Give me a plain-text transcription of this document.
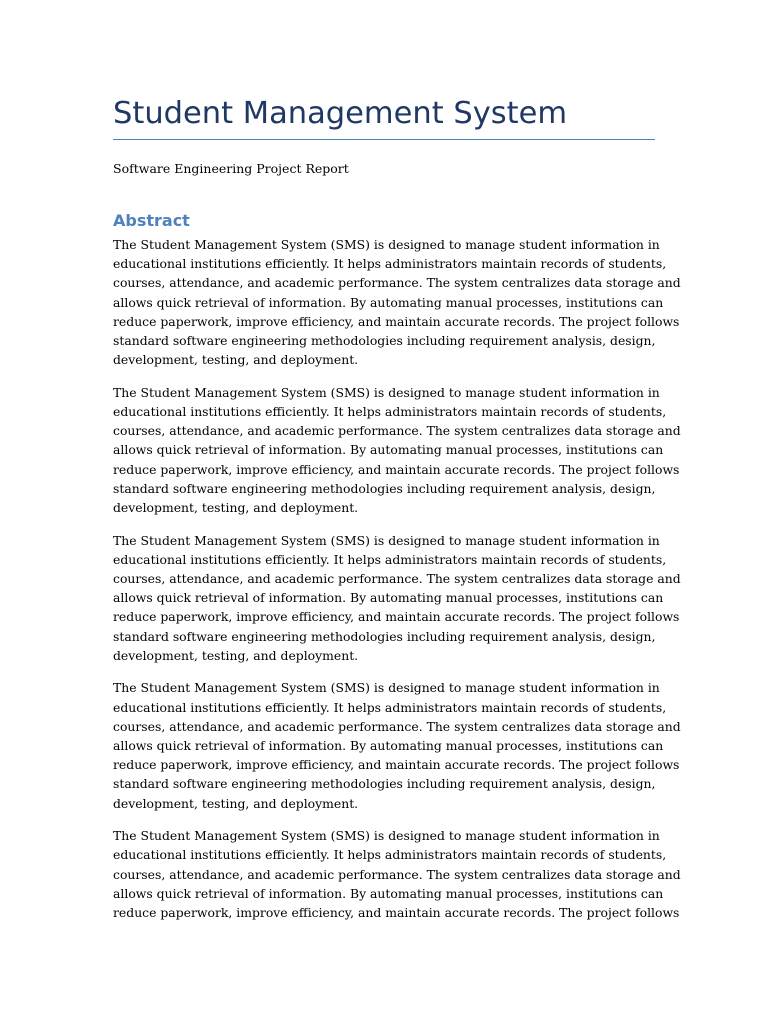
Student Management System

Software Engineering Project Report

Abstract

The Student Management System (SMS) is designed to manage student information in
educational institutions efficiently. It helps administrators maintain records of students,
courses, attendance, and academic performance. The system centralizes data storage and
allows quick retrieval of information. By automating manual processes, institutions can
reduce paperwork, improve efficiency, and maintain accurate records. The project follows
standard software engineering methodologies including requirement analysis, design,
development, testing, and deployment.

The Student Management System (SMS) is designed to manage student information in
educational institutions efficiently. It helps administrators maintain records of students,
courses, attendance, and academic performance. The system centralizes data storage and
allows quick retrieval of information. By automating manual processes, institutions can
reduce paperwork, improve efficiency, and maintain accurate records. The project follows
standard software engineering methodologies including requirement analysis, design,
development, testing, and deployment.

The Student Management System (SMS) is designed to manage student information in
educational institutions efficiently. It helps administrators maintain records of students,
courses, attendance, and academic performance. The system centralizes data storage and
allows quick retrieval of information. By automating manual processes, institutions can
reduce paperwork, improve efficiency, and maintain accurate records. The project follows
standard software engineering methodologies including requirement analysis, design,
development, testing, and deployment.

The Student Management System (SMS) is designed to manage student information in
educational institutions efficiently. It helps administrators maintain records of students,
courses, attendance, and academic performance. The system centralizes data storage and
allows quick retrieval of information. By automating manual processes, institutions can
reduce paperwork, improve efficiency, and maintain accurate records. The project follows
standard software engineering methodologies including requirement analysis, design,
development, testing, and deployment.

The Student Management System (SMS) is designed to manage student information in
educational institutions efficiently. It helps administrators maintain records of students,
courses, attendance, and academic performance. The system centralizes data storage and
allows quick retrieval of information. By automating manual processes, institutions can
reduce paperwork, improve efficiency, and maintain accurate records. The project follows
